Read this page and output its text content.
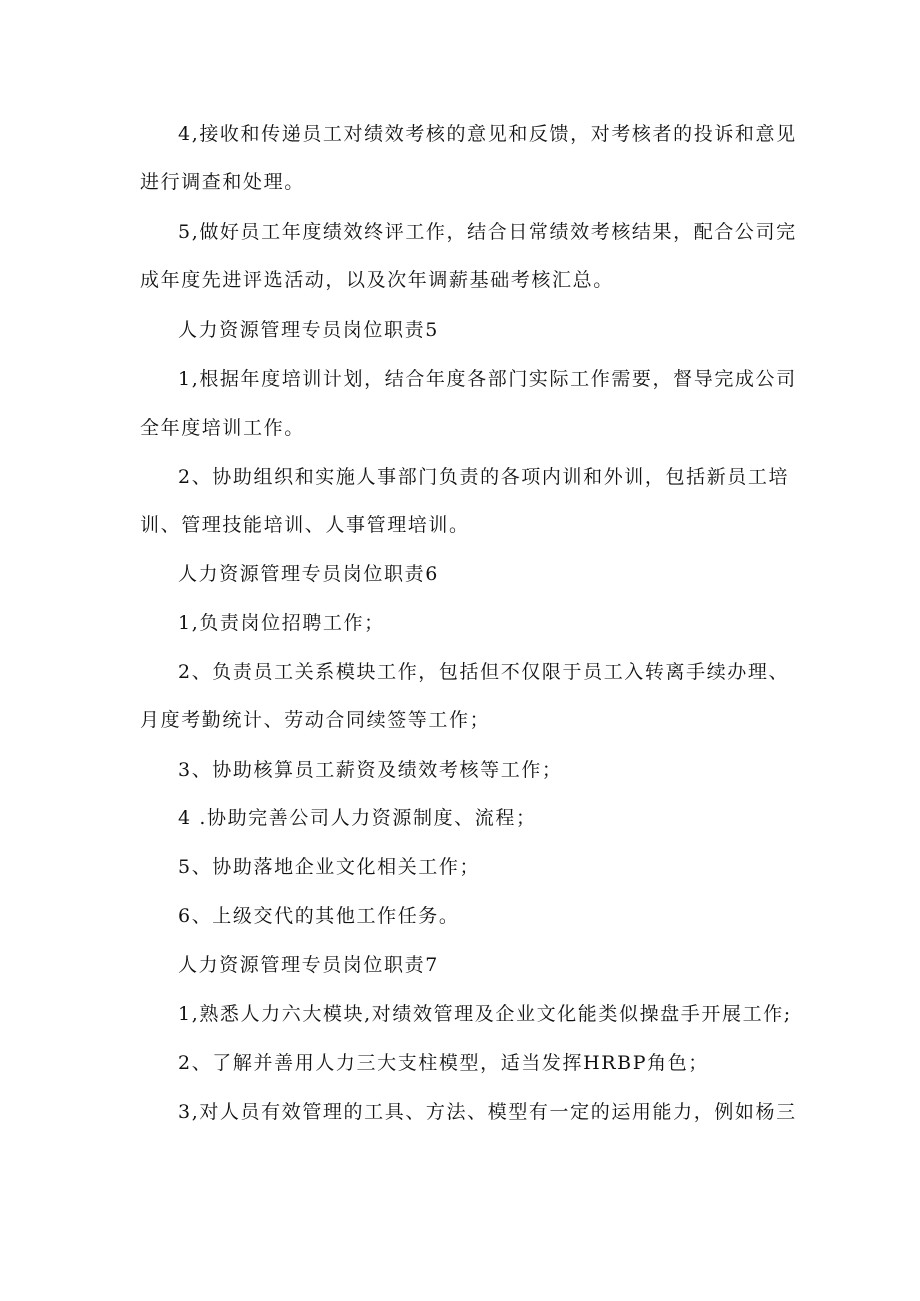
4,接收和传递员工对绩效考核的意见和反馈，对考核者的投诉和意见
进行调查和处理。
5,做好员工年度绩效终评工作，结合日常绩效考核结果，配合公司完
成年度先进评选活动，以及次年调薪基础考核汇总。
人力资源管理专员岗位职责5
1,根据年度培训计划，结合年度各部门实际工作需要，督导完成公司
全年度培训工作。
2、协助组织和实施人事部门负责的各项内训和外训，包括新员工培
训、管理技能培训、人事管理培训。
人力资源管理专员岗位职责6
1,负责岗位招聘工作；
2、负责员工关系模块工作，包括但不仅限于员工入转离手续办理、
月度考勤统计、劳动合同续签等工作；
3、协助核算员工薪资及绩效考核等工作；
4 .协助完善公司人力资源制度、流程；
5、协助落地企业文化相关工作；
6、上级交代的其他工作任务。
人力资源管理专员岗位职责7
1,熟悉人力六大模块,对绩效管理及企业文化能类似操盘手开展工作;
2、了解并善用人力三大支柱模型，适当发挥HRBP角色；
3,对人员有效管理的工具、方法、模型有一定的运用能力，例如杨三
